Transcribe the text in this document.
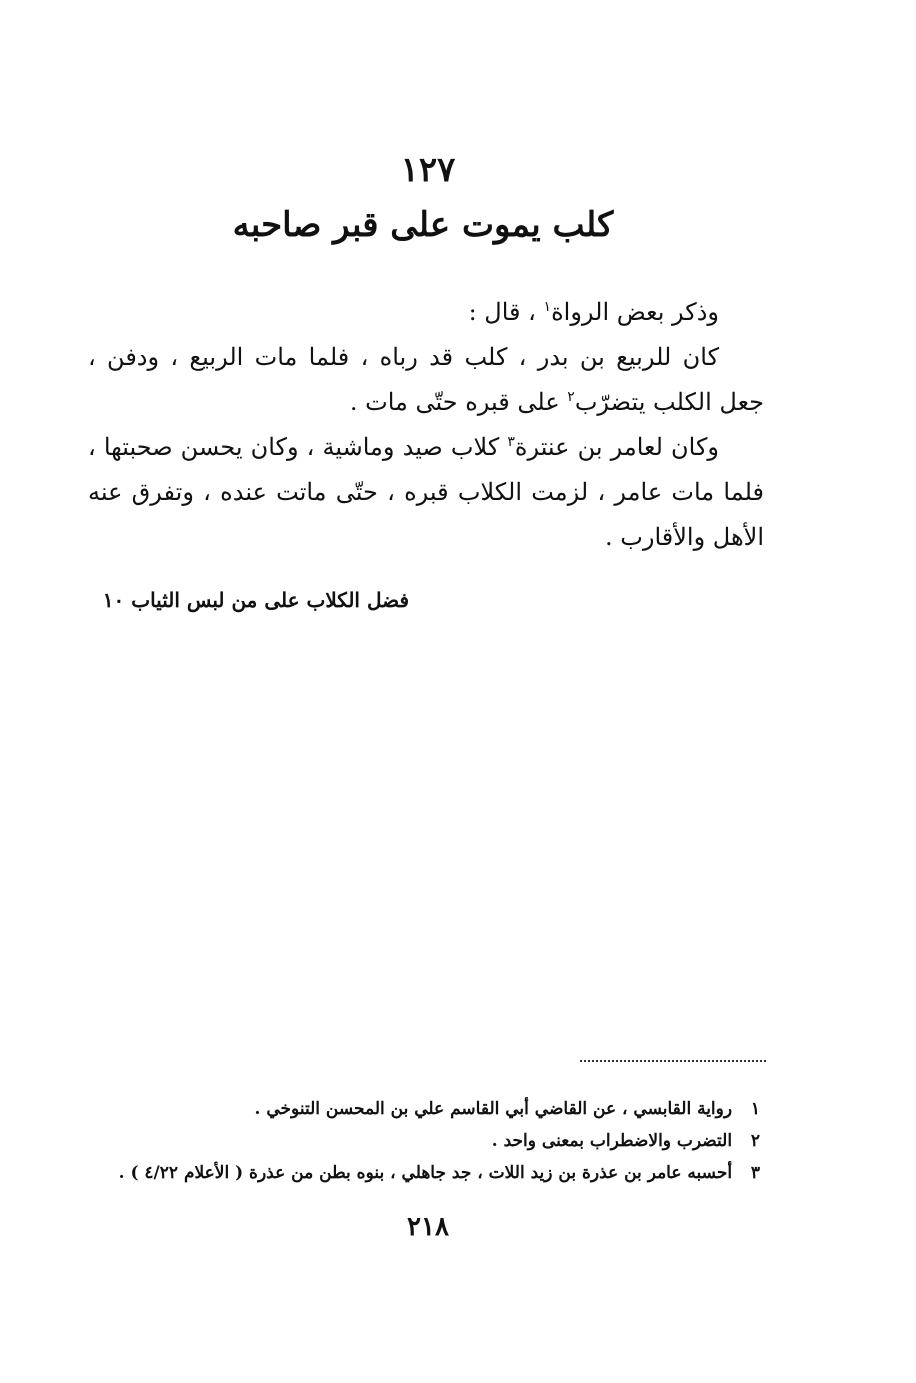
١٢٧
كلب يموت على قبر صاحبه

وذكر بعض الرواة$^١$ ، قال :

كان للربيع بن بدر ، كلب قد رباه ، فلما مات الربيع ، ودفن ، جعل الكلب يتضرّب$^٢$ على قبره حتّى مات .

وكان لعامر بن عنترة$^٣$ كلاب صيد وماشية ، وكان يحسن صحبتها ، فلما مات عامر ، لزمت الكلاب قبره ، حتّى ماتت عنده ، وتفرق عنه الأهل والأقارب .

فضل الكلاب على من لبس الثياب ١٠
١ رواية القابسي ، عن القاضي أبي القاسم علي بن المحسن التنوخي .
٢ التضرب والاضطراب بمعنى واحد .
٣ أحسبه عامر بن عذرة بن زيد اللات ، جد جاهلي ، بنوه بطن من عذرة ( الأعلام ٤/٢٢ ) .
٢١٨
